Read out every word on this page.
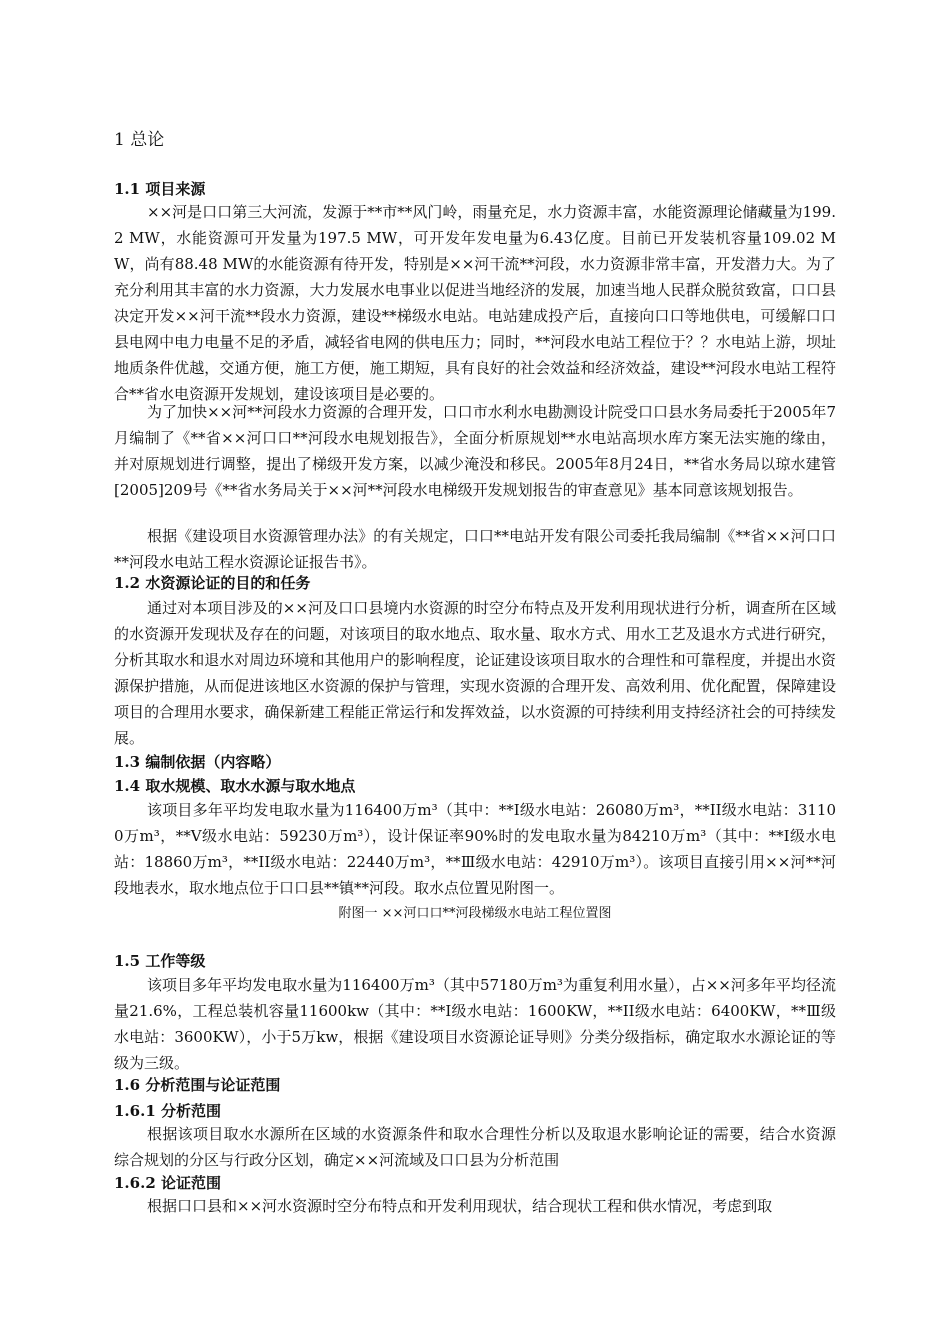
1 总论
1.1 项目来源

××河是口口第三大河流，发源于**市**风门岭，雨量充足，水力资源丰富，水能资源理论储藏量为199.2 MW，水能资源可开发量为197.5 MW，可开发年发电量为6.43亿度。目前已开发装机容量109.02 MW，尚有88.48 MW的水能资源有待开发，特别是××河干流**河段，水力资源非常丰富，开发潜力大。为了充分利用其丰富的水力资源，大力发展水电事业以促进当地经济的发展，加速当地人民群众脱贫致富，口口县决定开发××河干流**段水力资源，建设**梯级水电站。电站建成投产后，直接向口口等地供电，可缓解口口县电网中电力电量不足的矛盾，减轻省电网的供电压力；同时，**河段水电站工程位于？？水电站上游，坝址地质条件优越，交通方便，施工方便，施工期短，具有良好的社会效益和经济效益，建设**河段水电站工程符合**省水电资源开发规划，建设该项目是必要的。

为了加快××河**河段水力资源的合理开发，口口市水利水电勘测设计院受口口县水务局委托于2005年7月编制了《**省××河口口**河段水电规划报告》，全面分析原规划**水电站高坝水库方案无法实施的缘由，并对原规划进行调整，提出了梯级开发方案，以减少淹没和移民。2005年8月24日，**省水务局以琼水建管[2005]209号《**省水务局关于××河**河段水电梯级开发规划报告的审查意见》基本同意该规划报告。

根据《建设项目水资源管理办法》的有关规定，口口**电站开发有限公司委托我局编制《**省××河口口**河段水电站工程水资源论证报告书》。

1.2 水资源论证的目的和任务

通过对本项目涉及的××河及口口县境内水资源的时空分布特点及开发利用现状进行分析，调查所在区域的水资源开发现状及存在的问题，对该项目的取水地点、取水量、取水方式、用水工艺及退水方式进行研究，分析其取水和退水对周边环境和其他用户的影响程度，论证建设该项目取水的合理性和可靠程度，并提出水资源保护措施，从而促进该地区水资源的保护与管理，实现水资源的合理开发、高效利用、优化配置，保障建设项目的合理用水要求，确保新建工程能正常运行和发挥效益，以水资源的可持续利用支持经济社会的可持续发展。

1.3 编制依据（内容略）
1.4 取水规模、取水水源与取水地点

该项目多年平均发电取水量为116400万m³（其中：**I级水电站：26080万m³，**II级水电站：31100万m³，**V级水电站：59230万m³），设计保证率90%时的发电取水量为84210万m³（其中：**I级水电站：18860万m³，**II级水电站：22440万m³，**Ⅲ级水电站：42910万m³）。该项目直接引用××河**河段地表水，取水地点位于口口县**镇**河段。取水点位置见附图一。

附图一 ××河口口**河段梯级水电站工程位置图
1.5 工作等级

该项目多年平均发电取水量为116400万m³（其中57180万m³为重复利用水量），占××河多年平均径流量21.6%，工程总装机容量11600kw（其中：**I级水电站：1600KW，**II级水电站：6400KW，**Ⅲ级水电站：3600KW），小于5万kw，根据《建设项目水资源论证导则》分类分级指标，确定取水水源论证的等级为三级。

1.6 分析范围与论证范围
1.6.1 分析范围

根据该项目取水水源所在区域的水资源条件和取水合理性分析以及取退水影响论证的需要，结合水资源综合规划的分区与行政分区划，确定××河流域及口口县为分析范围

1.6.2 论证范围

根据口口县和××河水资源时空分布特点和开发利用现状，结合现状工程和供水情况，考虑到取
